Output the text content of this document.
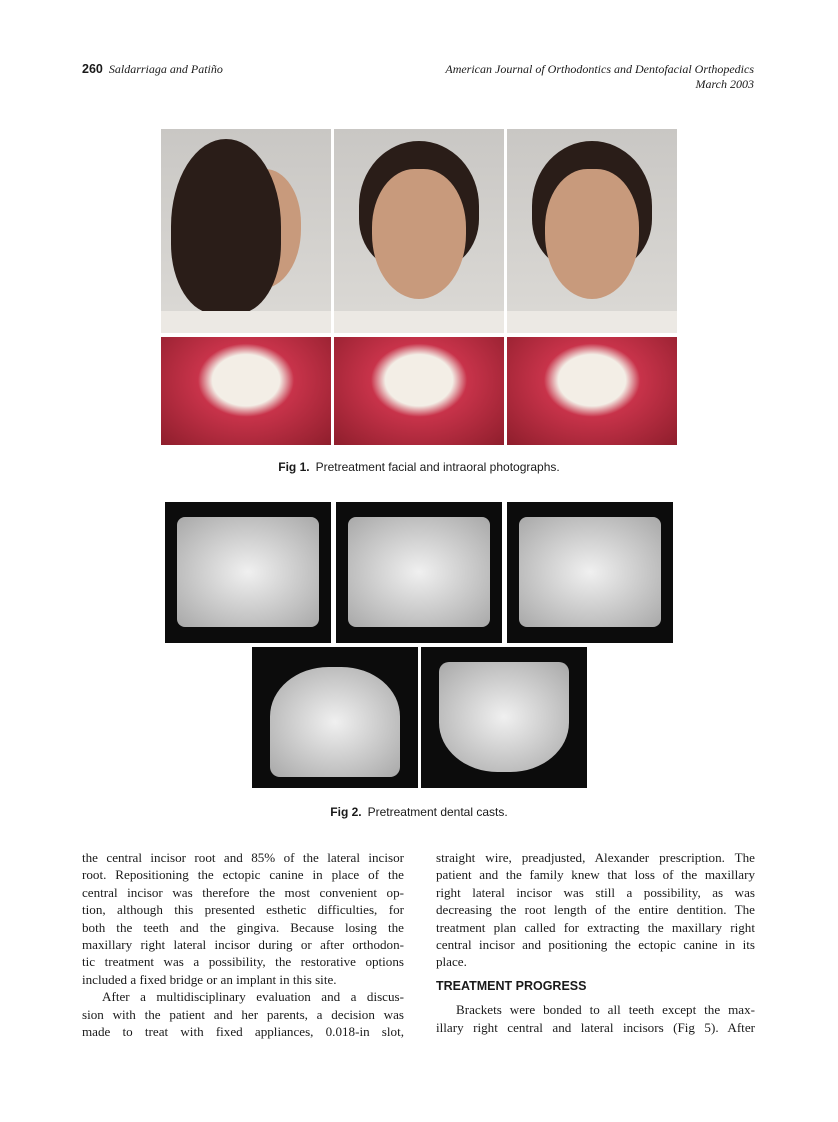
260 Saldarriaga and Patiño	American Journal of Orthodontics and Dentofacial Orthopedics
March 2003
Fig 1. Pretreatment facial and intraoral photographs.
Fig 2. Pretreatment dental casts.
the central incisor root and 85% of the lateral incisor
root. Repositioning the ectopic canine in place of the
central incisor was therefore the most convenient op-
tion, although this presented esthetic difficulties, for
both the teeth and the gingiva. Because losing the
maxillary right lateral incisor during or after orthodon-
tic treatment was a possibility, the restorative options
included a fixed bridge or an implant in this site.
After a multidisciplinary evaluation and a discus-
sion with the patient and her parents, a decision was
made to treat with fixed appliances, 0.018-in slot,
straight wire, preadjusted, Alexander prescription. The
patient and the family knew that loss of the maxillary
right lateral incisor was still a possibility, as was
decreasing the root length of the entire dentition. The
treatment plan called for extracting the maxillary right
central incisor and positioning the ectopic canine in its
place.
TREATMENT PROGRESS
Brackets were bonded to all teeth except the max-
illary right central and lateral incisors (Fig 5). After
